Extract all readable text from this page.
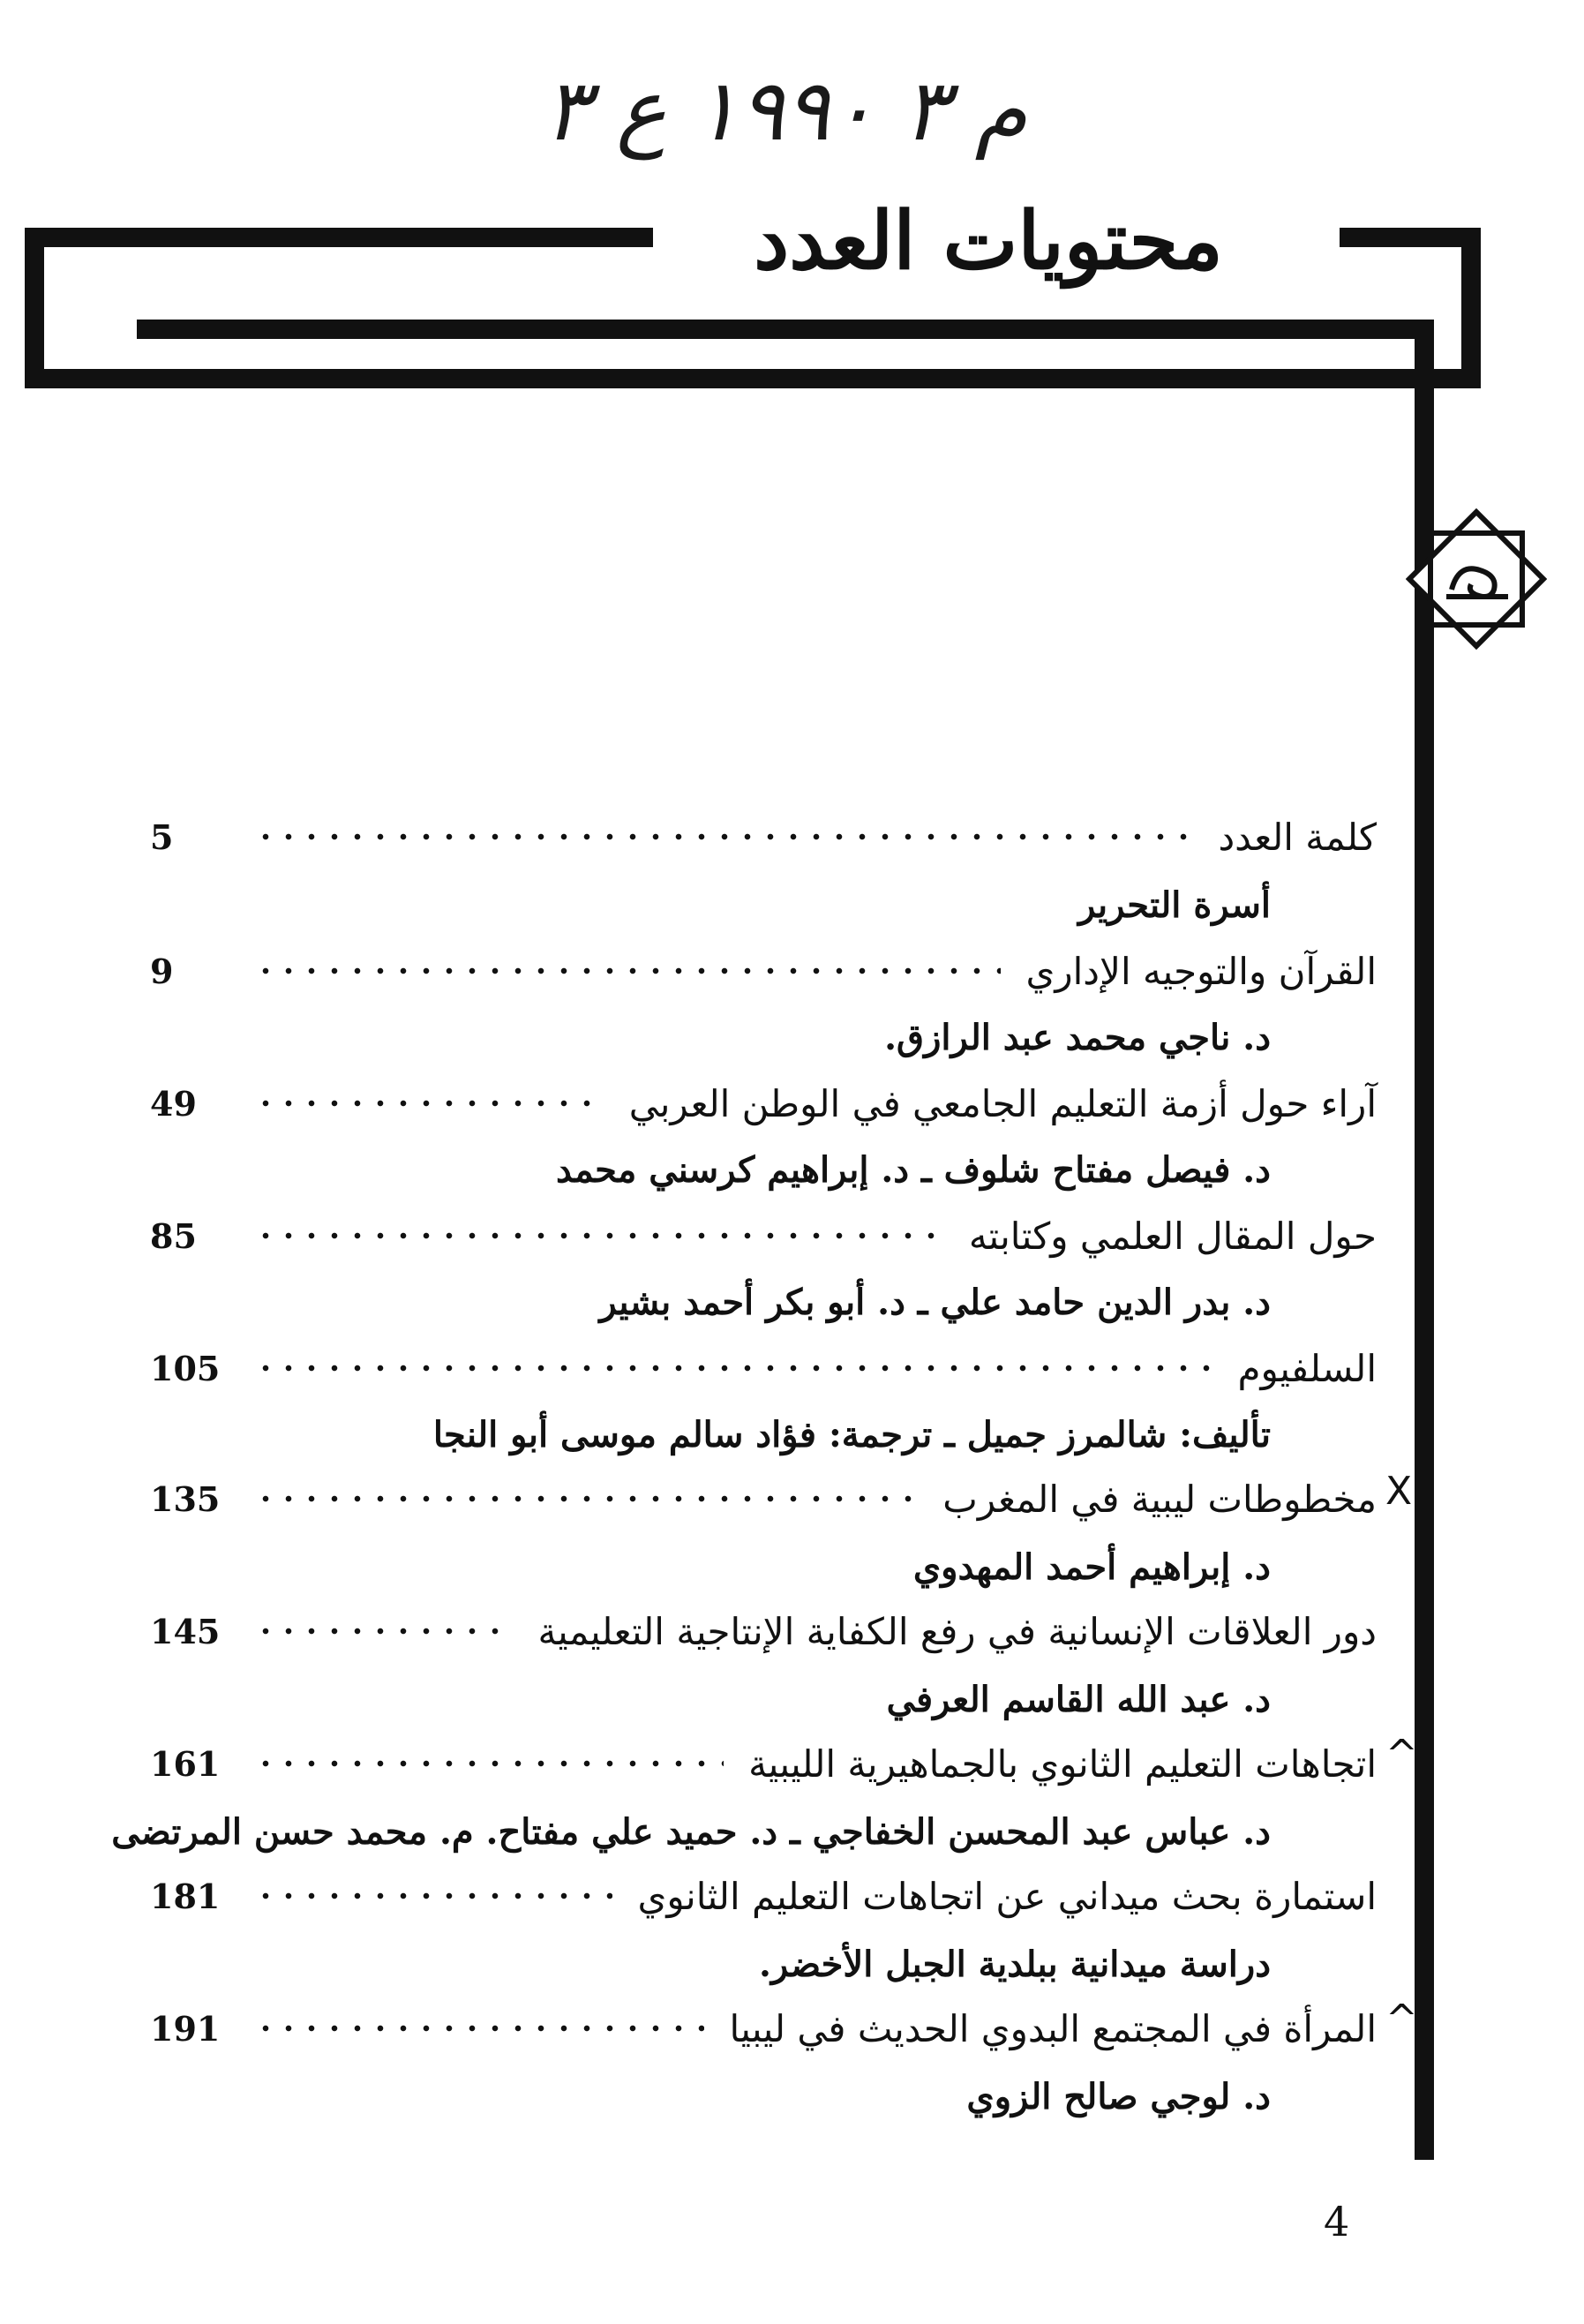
م ٣ ١٩٩٠ ع ٣
محتويات العدد
كلمة العدد
5
أسرة التحرير
القرآن والتوجيه الإداري
9
د. ناجي محمد عبد الرازق.
آراء حول أزمة التعليم الجامعي في الوطن العربي
49
د. فيصل مفتاح شلوف ـ د. إبراهيم كرسني محمد
حول المقال العلمي وكتابته
85
د. بدر الدين حامد علي ـ د. أبو بكر أحمد بشير
السلفيوم
105
تأليف: شالمرز جميل ـ ترجمة: فؤاد سالم موسى أبو النجا
X
مخطوطات ليبية في المغرب
135
د. إبراهيم أحمد المهدوي
دور العلاقات الإنسانية في رفع الكفاية الإنتاجية التعليمية
145
د. عبد الله القاسم العرفي
^
اتجاهات التعليم الثانوي بالجماهيرية الليبية
161
د. عباس عبد المحسن الخفاجي ـ د. حميد علي مفتاح. م. محمد حسن المرتضى
استمارة بحث ميداني عن اتجاهات التعليم الثانوي
181
دراسة ميدانية ببلدية الجبل الأخضر.
^
المرأة في المجتمع البدوي الحديث في ليبيا
191
د. لوجي صالح الزوي
4
